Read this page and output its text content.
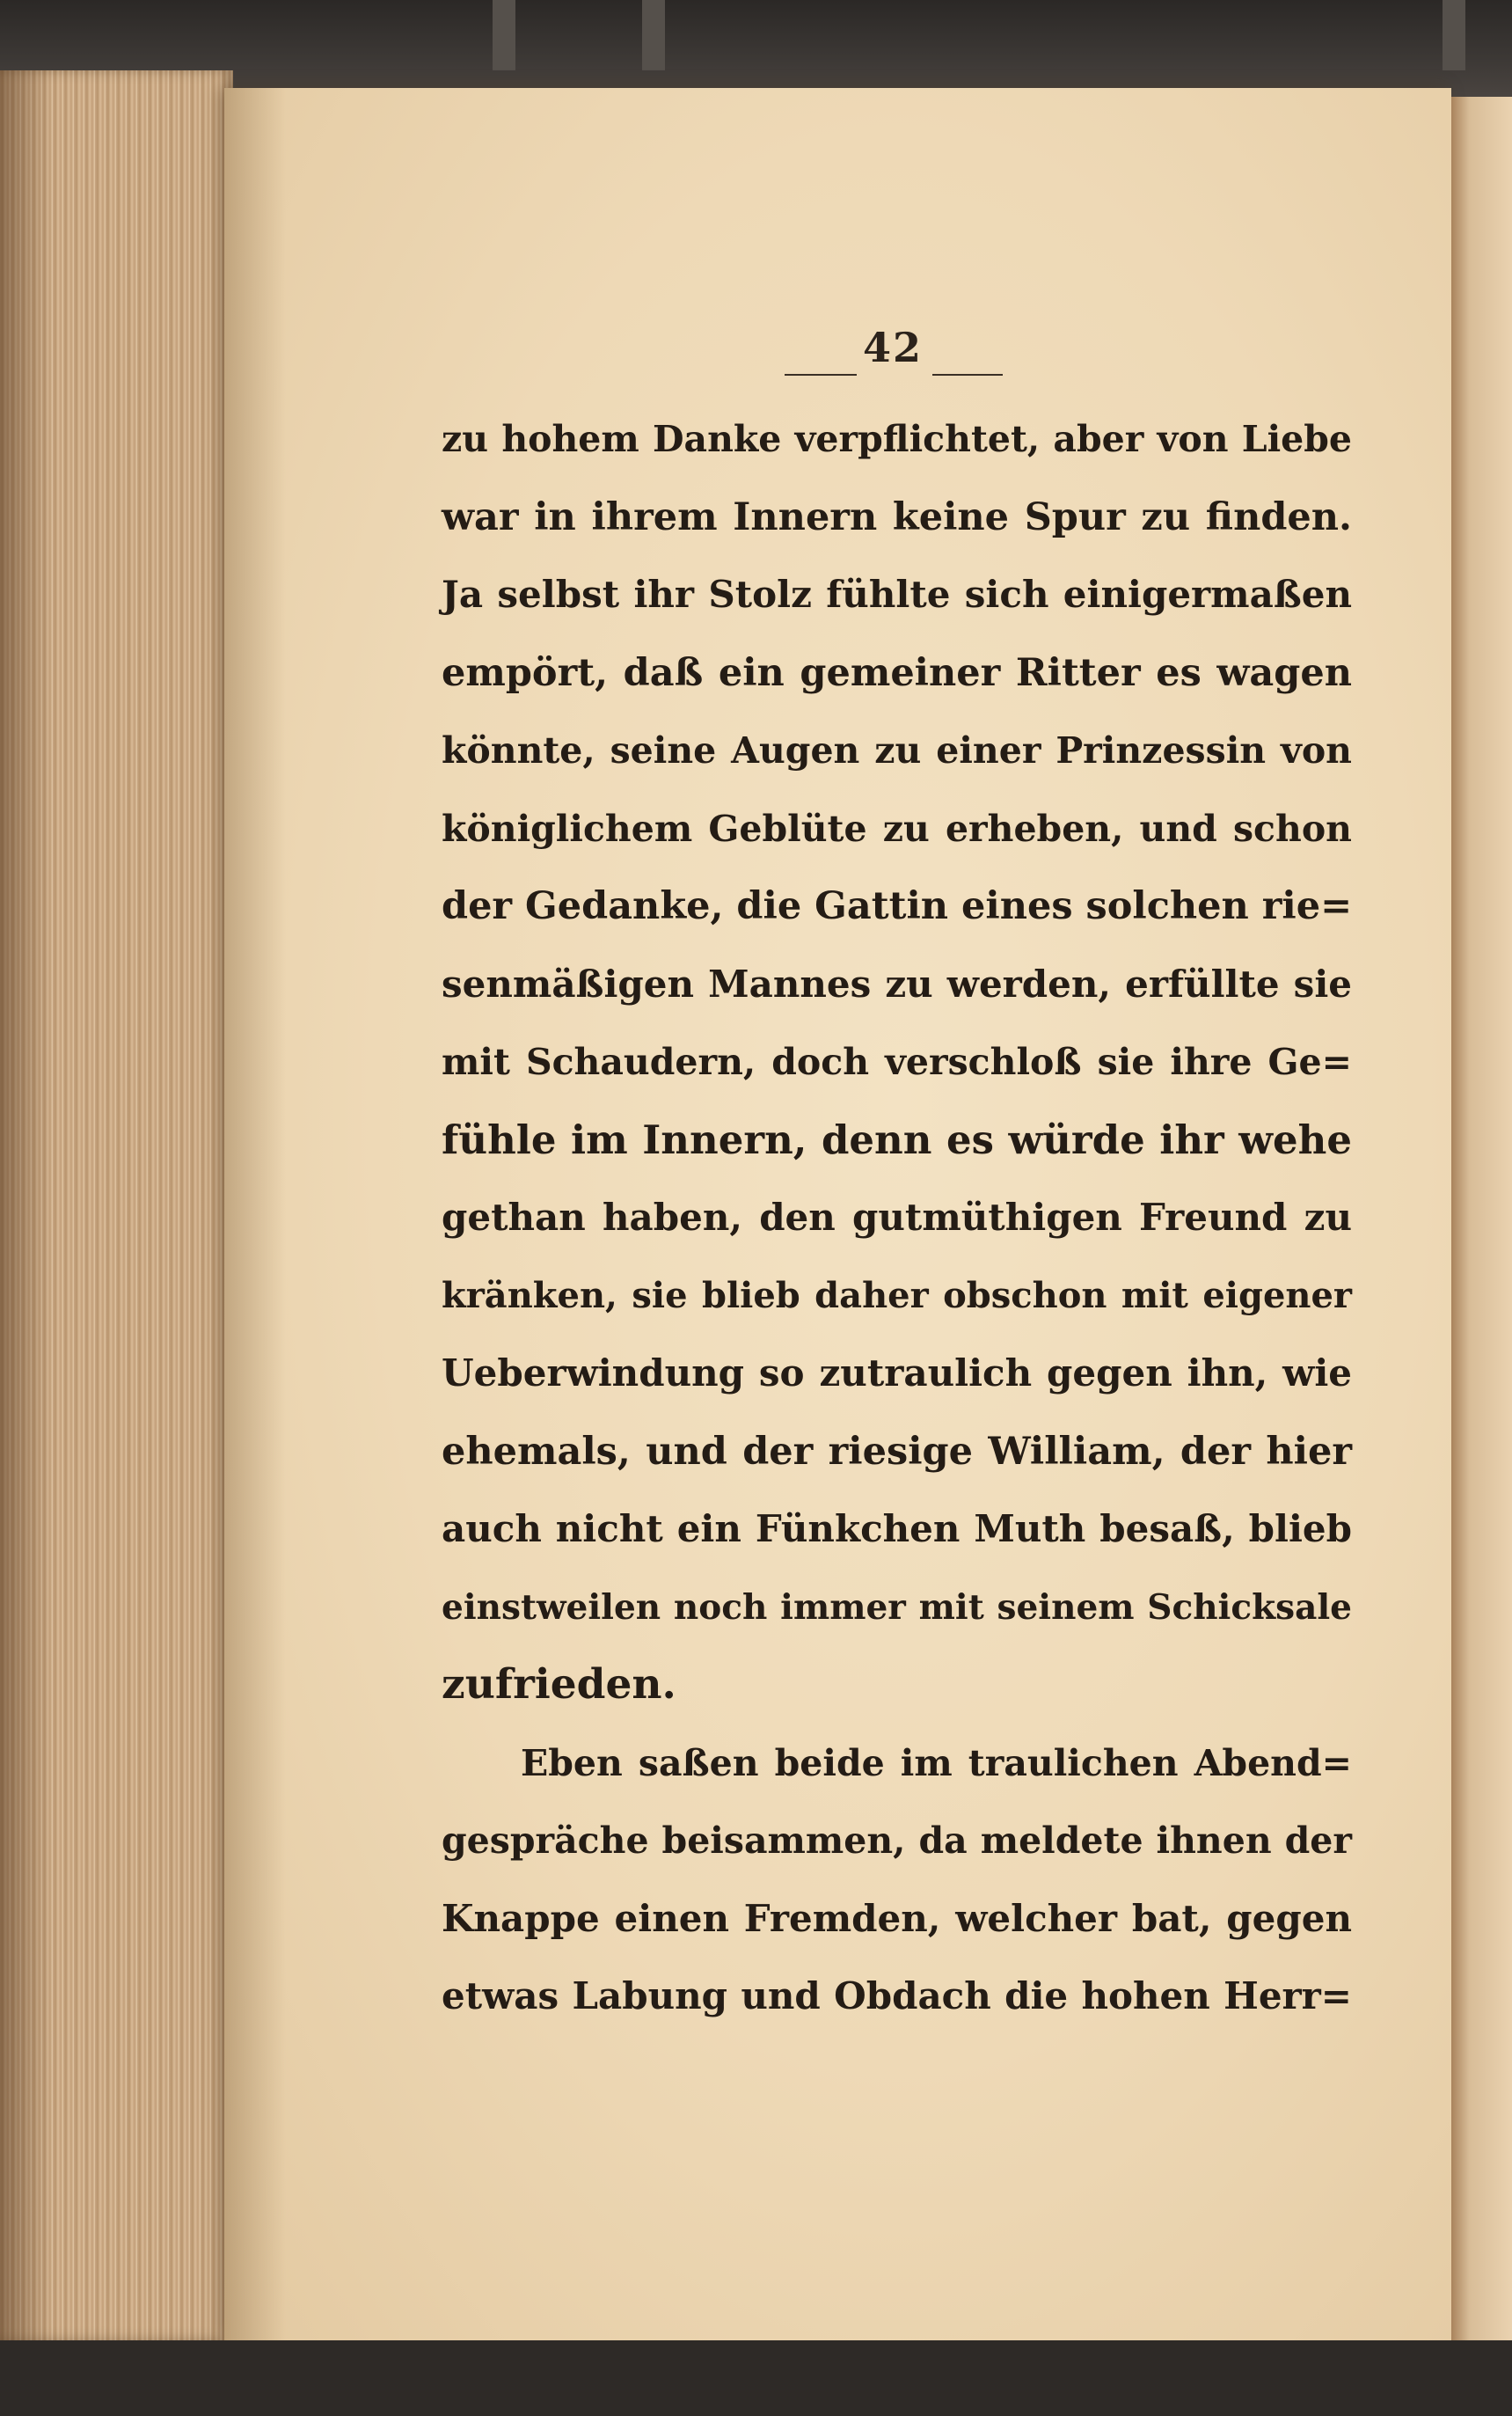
42
zu hohem Danke verpflichtet, aber von Liebe
war in ihrem Innern keine Spur zu finden.
Ja selbst ihr Stolz fühlte sich einigermaßen
empört, daß ein gemeiner Ritter es wagen
könnte, seine Augen zu einer Prinzessin von
königlichem Geblüte zu erheben, und schon
der Gedanke, die Gattin eines solchen rie=
senmäßigen Mannes zu werden, erfüllte sie
mit Schaudern, doch verschloß sie ihre Ge=
fühle im Innern, denn es würde ihr wehe
gethan haben, den gutmüthigen Freund zu
kränken, sie blieb daher obschon mit eigener
Ueberwindung so zutraulich gegen ihn, wie
ehemals, und der riesige William, der hier
auch nicht ein Fünkchen Muth besaß, blieb
einstweilen noch immer mit seinem Schicksale
zufrieden.
Eben saßen beide im traulichen Abend=
gespräche beisammen, da meldete ihnen der
Knappe einen Fremden, welcher bat, gegen
etwas Labung und Obdach die hohen Herr=
